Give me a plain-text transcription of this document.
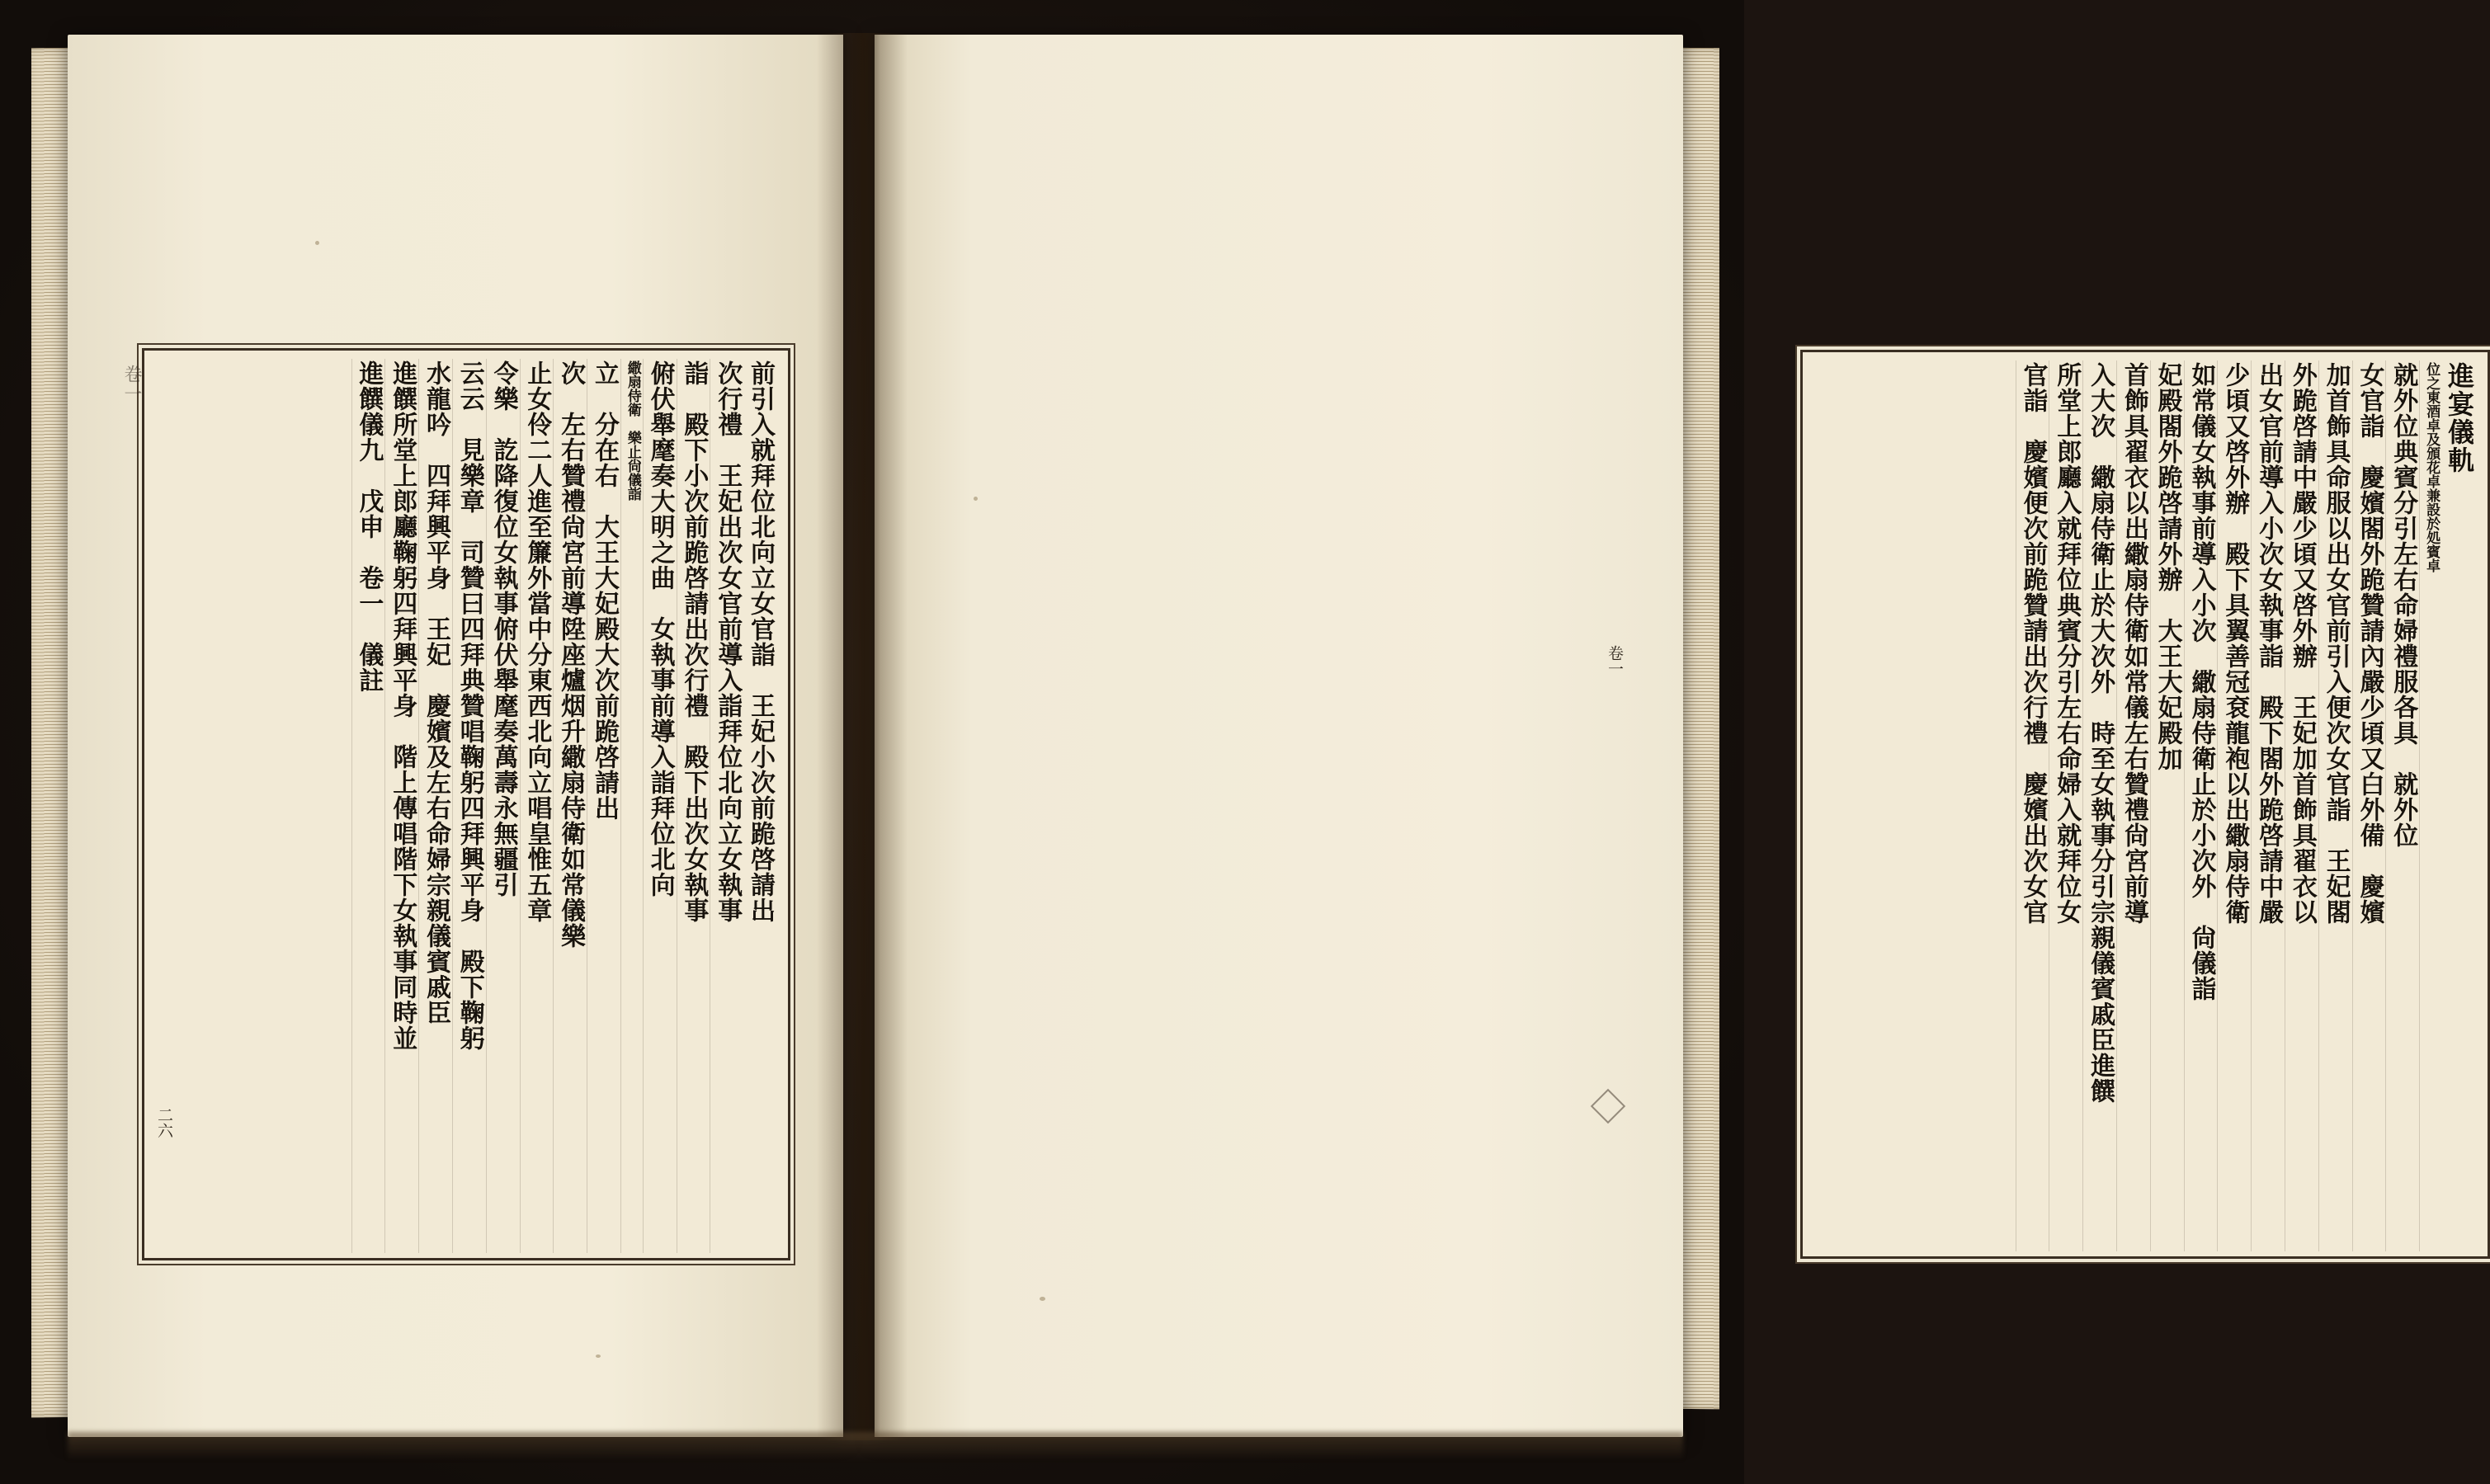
前引入就拜位北向立女官詣　王妃小次前跪啓請出
次行禮　王妃出次女官前導入詣拜位北向立女執事
詣　殿下小次前跪啓請出次行禮　殿下出次女執事
俯伏舉麾奏大明之曲　女執事前導入詣拜位北向
繖扇侍衛　樂止尙儀詣
立　分在右　大王大妃殿大次前跪啓請出
次　左右贊禮尙宮前導陞座爐烟升繖扇侍衛如常儀樂
止女伶二人進至簾外當中分東西北向立唱皇惟五章
令樂　訖降復位女執事俯伏舉麾奏萬壽永無疆引
云云　見樂章　司贊曰四拜典贊唱鞠躬四拜興平身　殿下鞠躬
水龍吟　四拜興平身　王妃　慶嬪及左右命婦宗親儀賓戚臣
進饌所堂上郎廳鞠躬四拜興平身　階上傳唱階下女執事同時並
進饌儀九　戊申　卷一　儀註
卷一
二六
進宴儀軌
位之東酒卓及頒花卓兼設於処賓卓
就外位典賓分引左右命婦禮服各具　就外位
女官詣　慶嬪閤外跪贊請內嚴少頃又白外備　慶嬪
加首飾具命服以出女官前引入便次女官詣　王妃閤
外跪啓請中嚴少頃又啓外辦　王妃加首飾具翟衣以
出女官前導入小次女執事詣　殿下閤外跪啓請中嚴
少頃又啓外辦　殿下具翼善冠袞龍袍以出繖扇侍衛
如常儀女執事前導入小次　繖扇侍衛止於小次外　尙儀詣
妃殿閤外跪啓請外辦　大王大妃殿加
首飾具翟衣以出繖扇侍衛如常儀左右贊禮尙宮前導
入大次　繖扇侍衛止於大次外　時至女執事分引宗親儀賓戚臣進饌
所堂上郎廳入就拜位典賓分引左右命婦入就拜位女
官詣　慶嬪便次前跪贊請出次行禮　慶嬪出次女官
卷一
